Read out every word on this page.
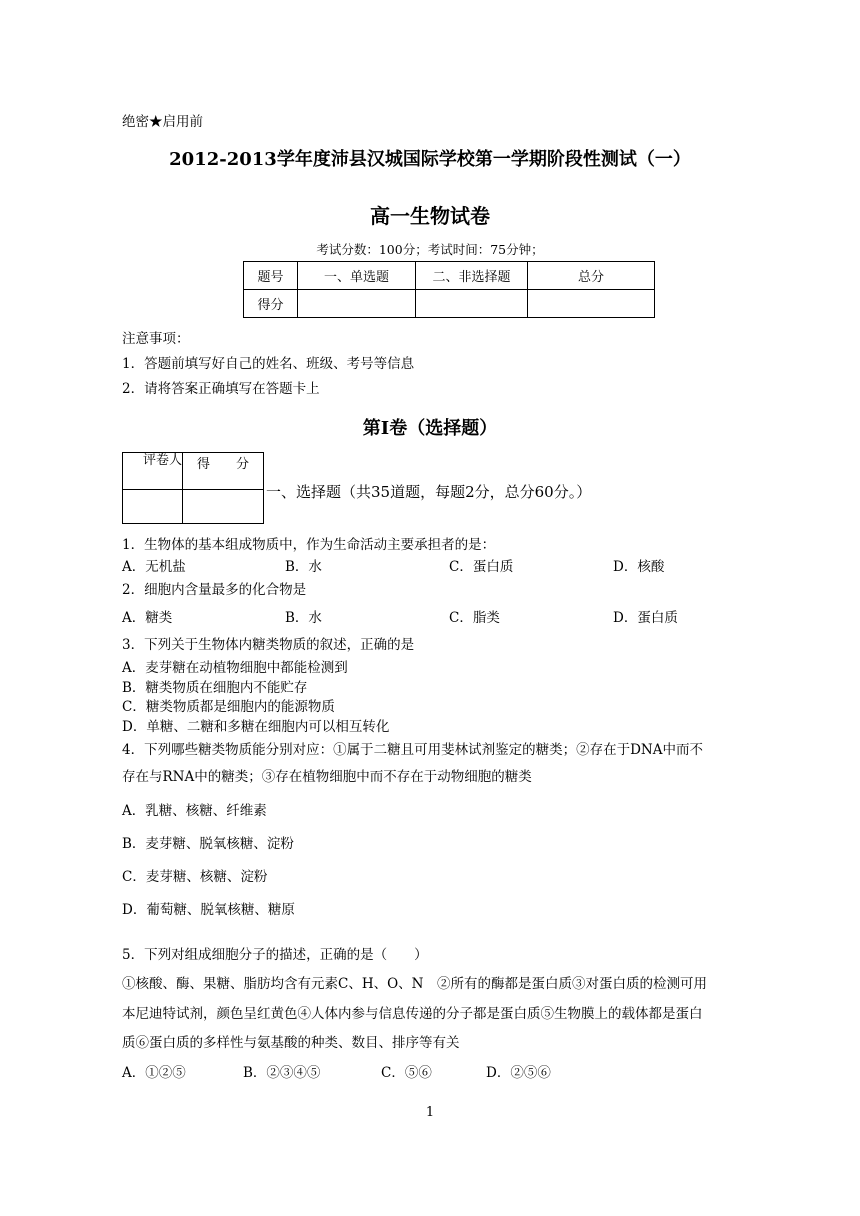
绝密★启用前
2012-2013学年度沛县汉城国际学校第一学期阶段性测试（一）
高一生物试卷
考试分数：100分；考试时间：75分钟；
题号	一、单选题	二、非选择题	总分
得分			
注意事项：
1．答题前填写好自己的姓名、班级、考号等信息
2．请将答案正确填写在答题卡上
第I卷（选择题）
评卷人	得　　分

一、选择题（共35道题，每题2分，总分60分。）
1．生物体的基本组成物质中，作为生命活动主要承担者的是：
A．无机盐	B．水	C．蛋白质	D．核酸
2．细胞内含量最多的化合物是
A．糖类	B．水	C．脂类	D．蛋白质
3．下列关于生物体内糖类物质的叙述，正确的是
A．麦芽糖在动植物细胞中都能检测到
B．糖类物质在细胞内不能贮存
C．糖类物质都是细胞内的能源物质
D．单糖、二糖和多糖在细胞内可以相互转化
4．下列哪些糖类物质能分别对应：①属于二糖且可用斐林试剂鉴定的糖类；②存在于DNA中而不
存在与RNA中的糖类；③存在植物细胞中而不存在于动物细胞的糖类
A．乳糖、核糖、纤维素
B．麦芽糖、脱氧核糖、淀粉
C．麦芽糖、核糖、淀粉
D．葡萄糖、脱氧核糖、糖原
5．下列对组成细胞分子的描述，正确的是（　　）
①核酸、酶、果糖、脂肪均含有元素C、H、O、N　②所有的酶都是蛋白质③对蛋白质的检测可用
本尼迪特试剂，颜色呈红黄色④人体内参与信息传递的分子都是蛋白质⑤生物膜上的载体都是蛋白
质⑥蛋白质的多样性与氨基酸的种类、数目、排序等有关
A．①②⑤	B．②③④⑤	C．⑤⑥	D．②⑤⑥
1
